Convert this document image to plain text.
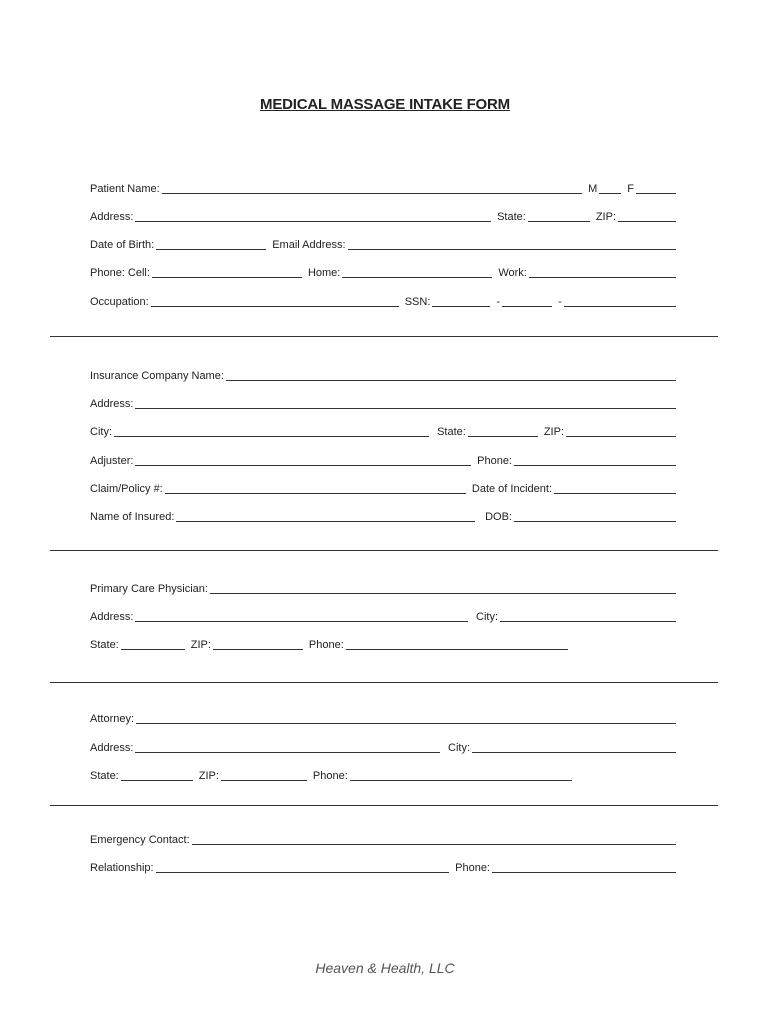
MEDICAL MASSAGE INTAKE FORM
Patient Name:	M	F
Address:	State:	ZIP:
Date of Birth:	Email Address:
Phone: Cell:	Home:	Work:
Occupation:	SSN:	-	-
Insurance Company Name:
Address:
City:	State:	ZIP:
Adjuster:	Phone:
Claim/Policy #:	Date of Incident:
Name of Insured:	DOB:
Primary Care Physician:
Address:	City:
State:	ZIP:	Phone:
Attorney:
Address:	City:
State:	ZIP:	Phone:
Emergency Contact:
Relationship:	Phone:
Heaven & Health, LLC
